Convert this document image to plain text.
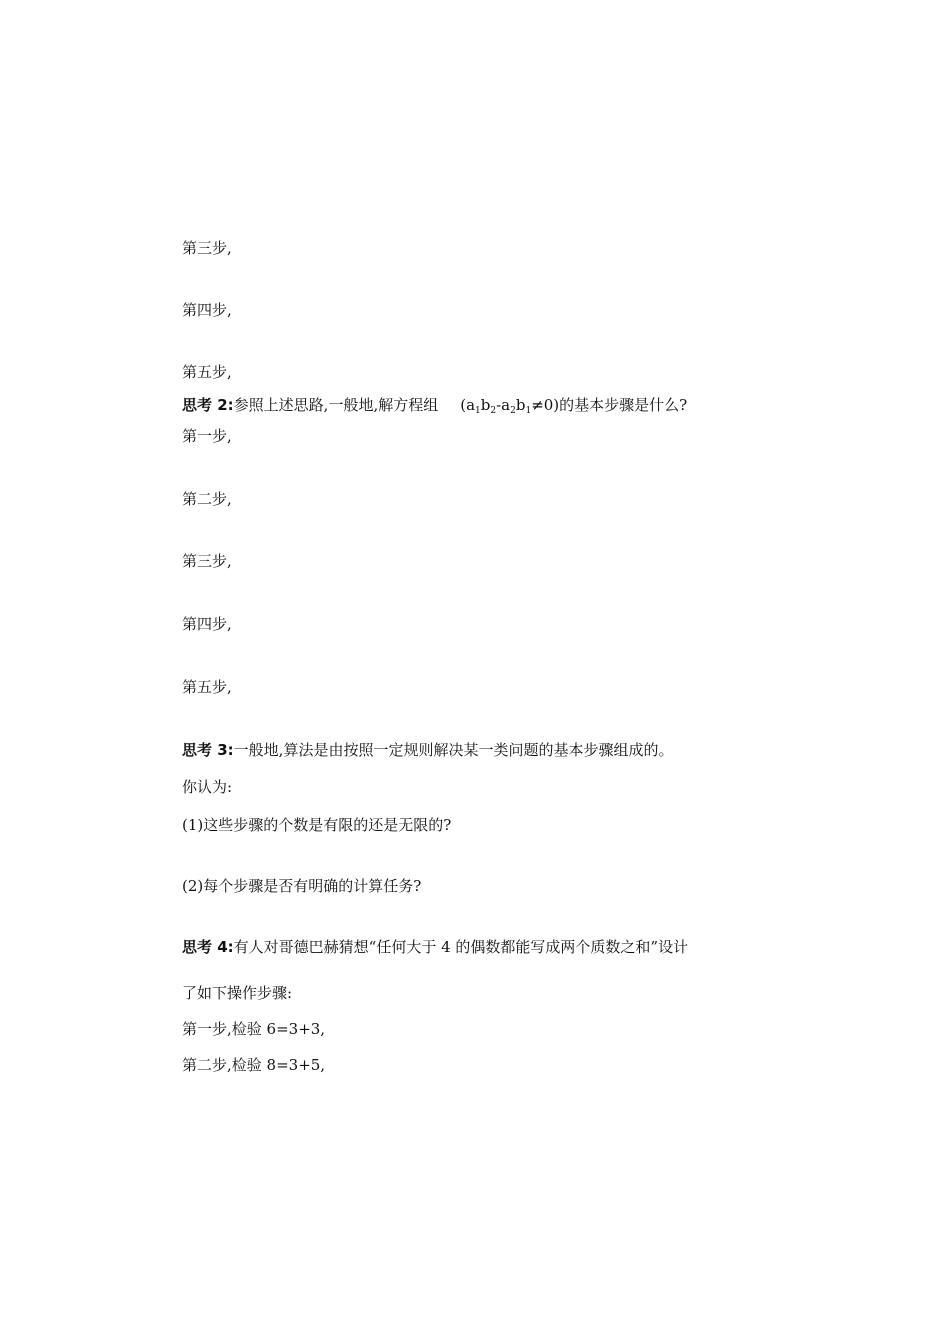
第三步,
第四步,
第五步,
思考 2:参照上述思路,一般地,解方程组 $(a_1b_2-a_2b_1\ne 0)$的基本步骤是什么?
第一步,
第二步,
第三步,
第四步,
第五步,
思考 3:一般地,算法是由按照一定规则解决某一类问题的基本步骤组成的。
你认为:
(1)这些步骤的个数是有限的还是无限的?
(2)每个步骤是否有明确的计算任务?
思考 4:有人对哥德巴赫猜想“任何大于 4 的偶数都能写成两个质数之和”设计
了如下操作步骤:
第一步,检验 6=3+3,
第二步,检验 8=3+5,
